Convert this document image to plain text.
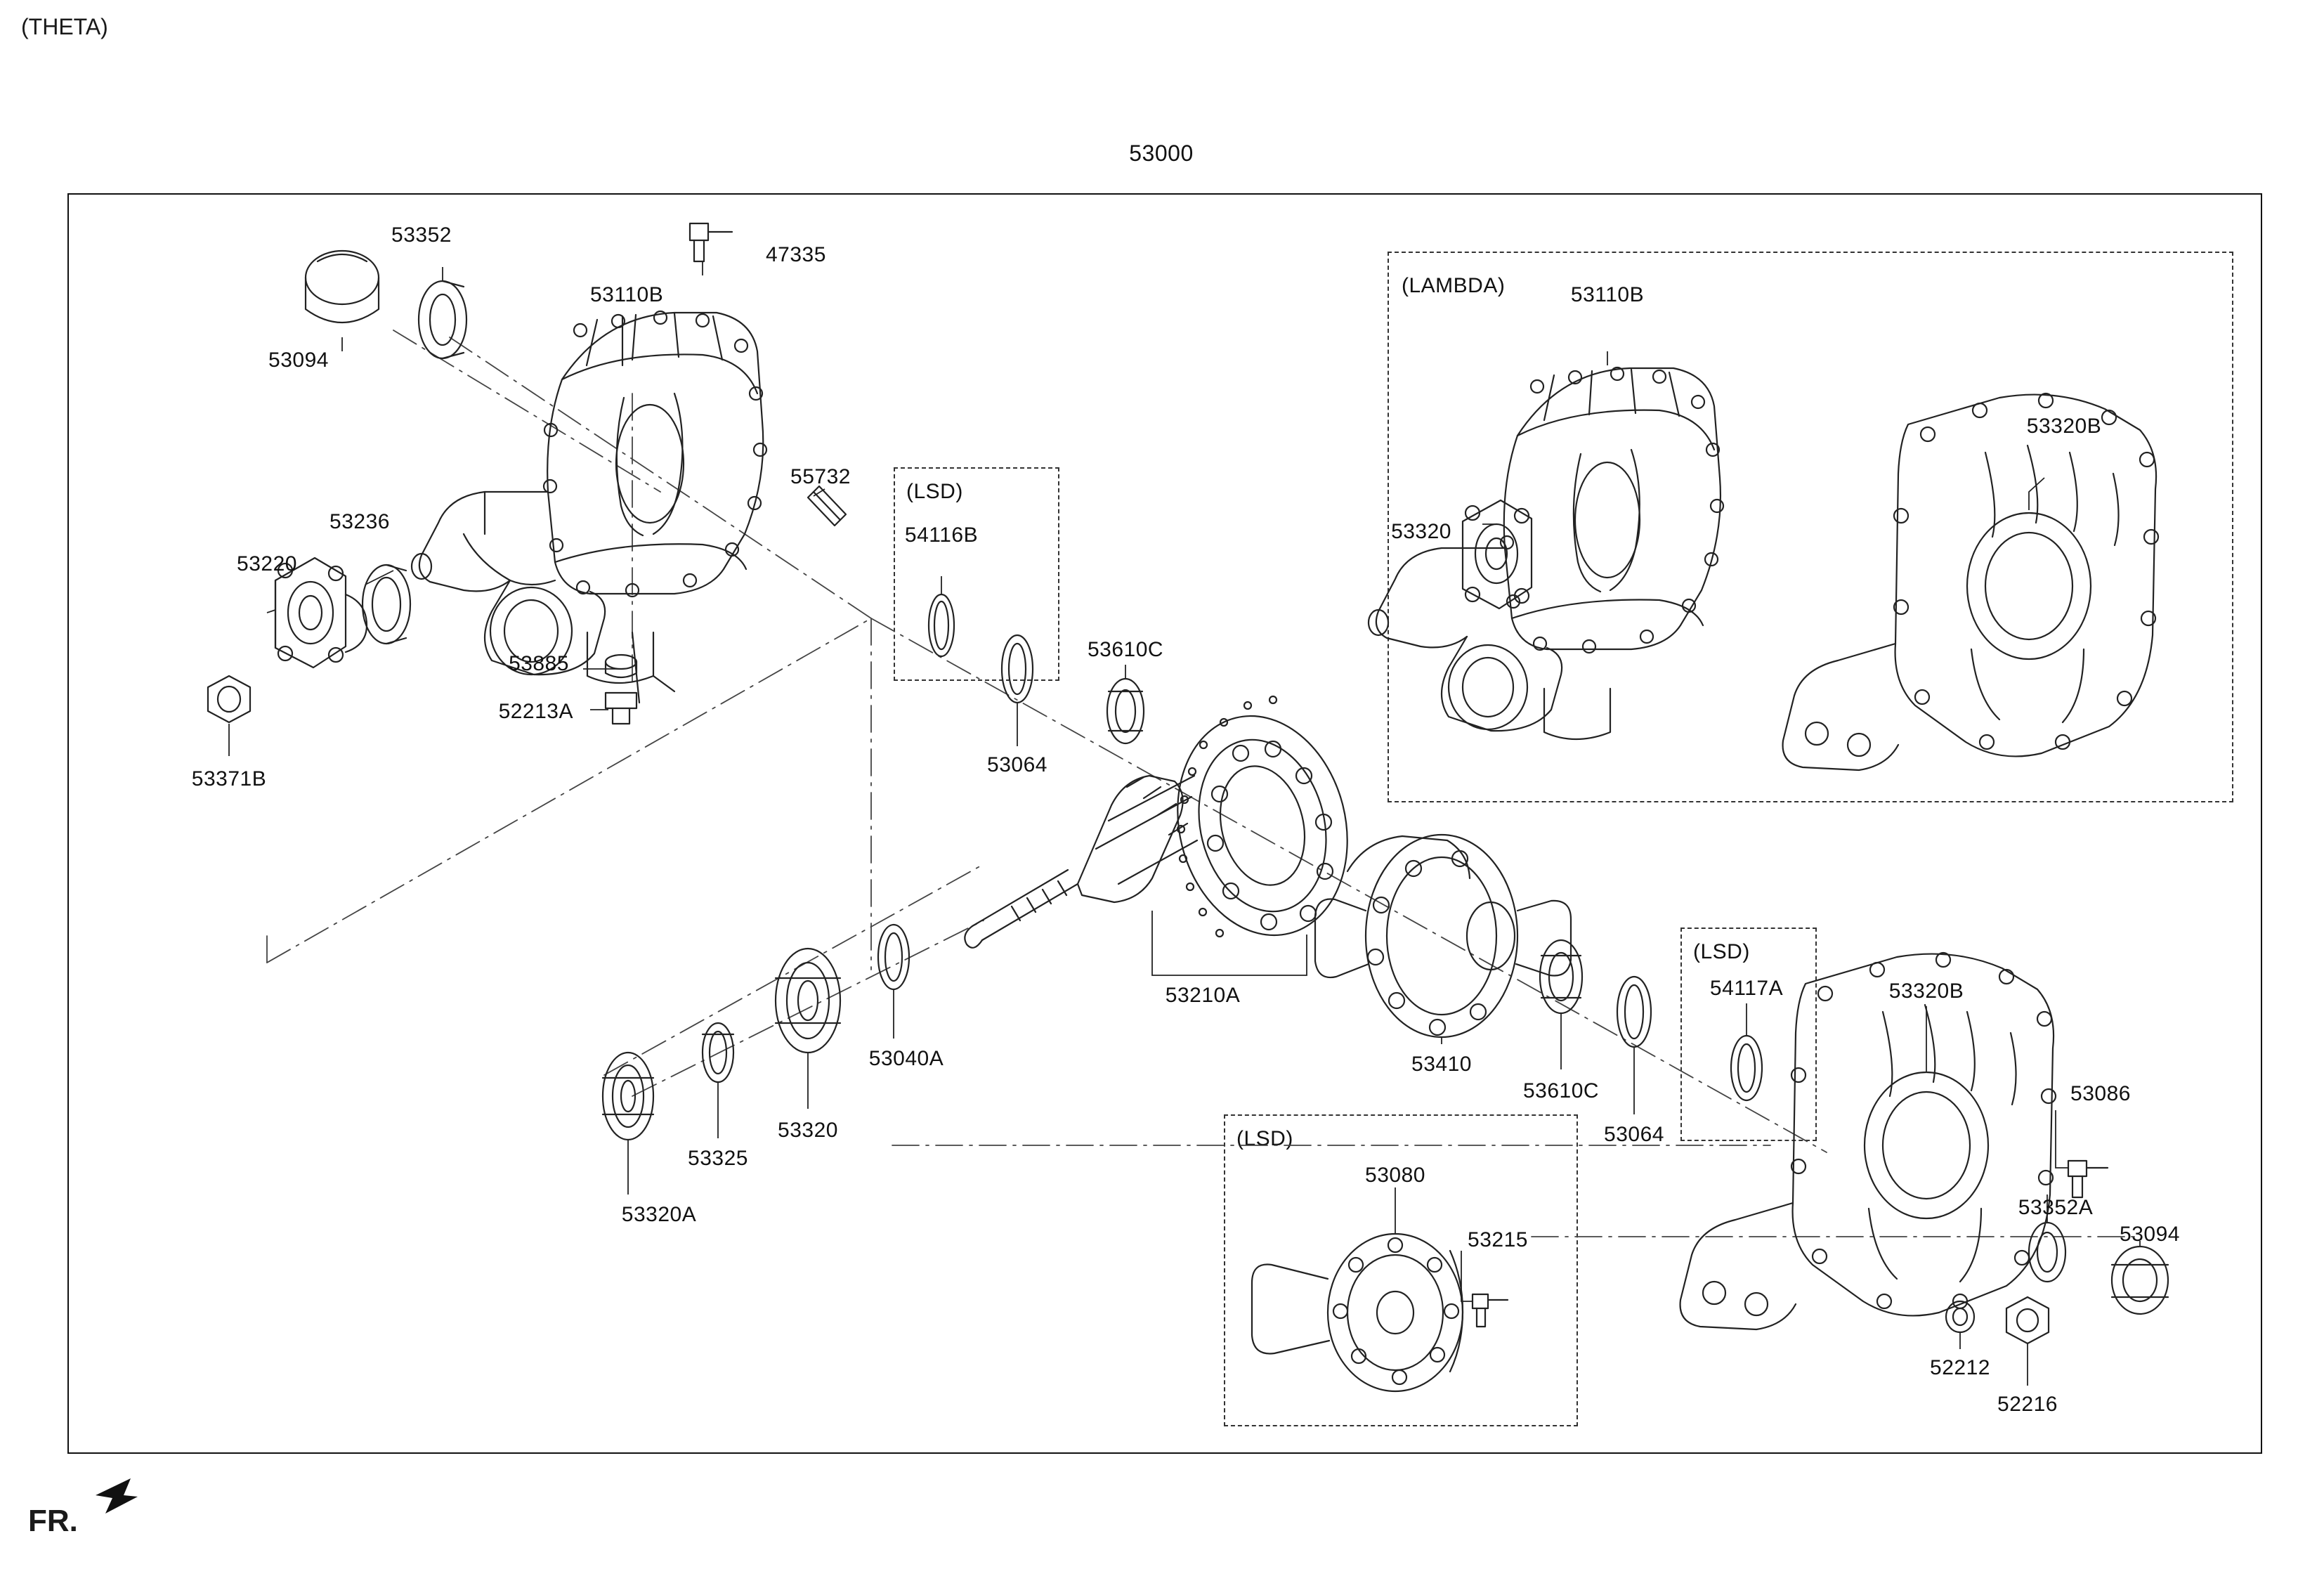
(THETA)
53000
FR.
(LAMBDA)
(LSD)
(LSD)
(LSD)
53094
53352
47335
53110B
55732
53236
53220
53371B
53885
52213A
54116B
53064
53610C
53210A
53040A
53320
53325
53320A
53410
53610C
53064
54117A	53320B
53086
53352A
53094
52212
52216
53080
53215
53110B
53320B
53320
